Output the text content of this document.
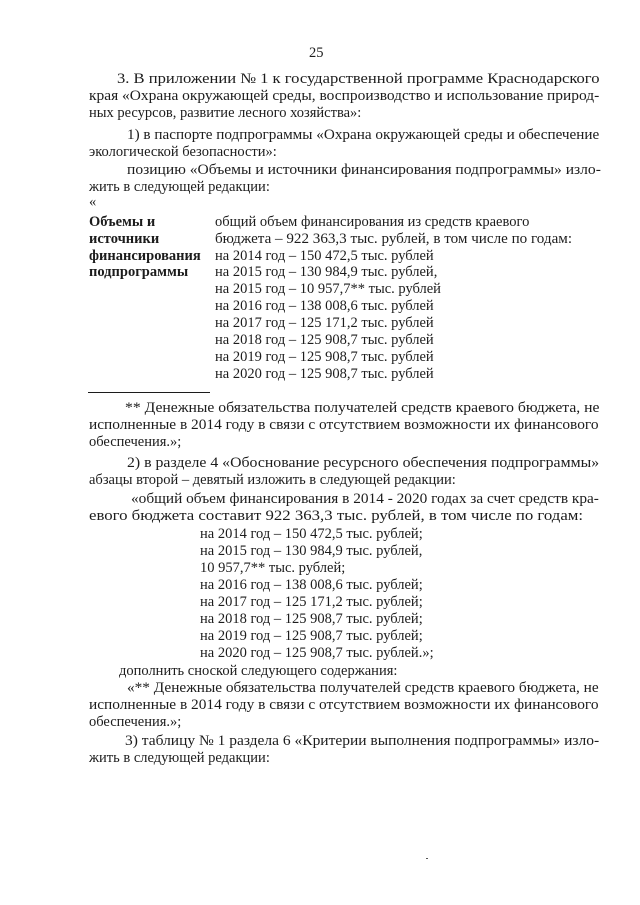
25
3. В приложении № 1 к государственной программе Краснодарского
края «Охрана окружающей среды, воспроизводство и использование природ-
ных ресурсов, развитие лесного хозяйства»:
1) в паспорте подпрограммы «Охрана окружающей среды и обеспечение
экологической безопасности»:
позицию «Объемы и источники финансирования подпрограммы» изло-
жить в следующей редакции:
«
Объемы и
источники
финансирования
подпрограммы
общий объем финансирования из средств краевого
бюджета – 922 363,3 тыс. рублей, в том числе по годам:
на 2014 год – 150 472,5 тыс. рублей
на 2015 год – 130 984,9 тыс. рублей,
на 2015 год – 10 957,7** тыс. рублей
на 2016 год – 138 008,6 тыс. рублей
на 2017 год – 125 171,2 тыс. рублей
на 2018 год – 125 908,7 тыс. рублей
на 2019 год – 125 908,7 тыс. рублей
на 2020 год – 125 908,7 тыс. рублей
** Денежные обязательства получателей средств краевого бюджета, не
исполненные в 2014 году в связи с отсутствием возможности их финансового
обеспечения.»;
2) в разделе 4 «Обоснование ресурсного обеспечения подпрограммы»
абзацы второй – девятый изложить в следующей редакции:
«общий объем финансирования в 2014 - 2020 годах за счет средств кра-
евого бюджета составит 922 363,3 тыс. рублей, в том числе по годам:
на 2014 год – 150 472,5 тыс. рублей;
на 2015 год – 130 984,9 тыс. рублей,
10 957,7** тыс. рублей;
на 2016 год – 138 008,6 тыс. рублей;
на 2017 год – 125 171,2 тыс. рублей;
на 2018 год – 125 908,7 тыс. рублей;
на 2019 год – 125 908,7 тыс. рублей;
на 2020 год – 125 908,7 тыс. рублей.»;
дополнить сноской следующего содержания:
«** Денежные обязательства получателей средств краевого бюджета, не
исполненные в 2014 году в связи с отсутствием возможности их финансового
обеспечения.»;
3) таблицу № 1 раздела 6 «Критерии выполнения подпрограммы» изло-
жить в следующей редакции:
